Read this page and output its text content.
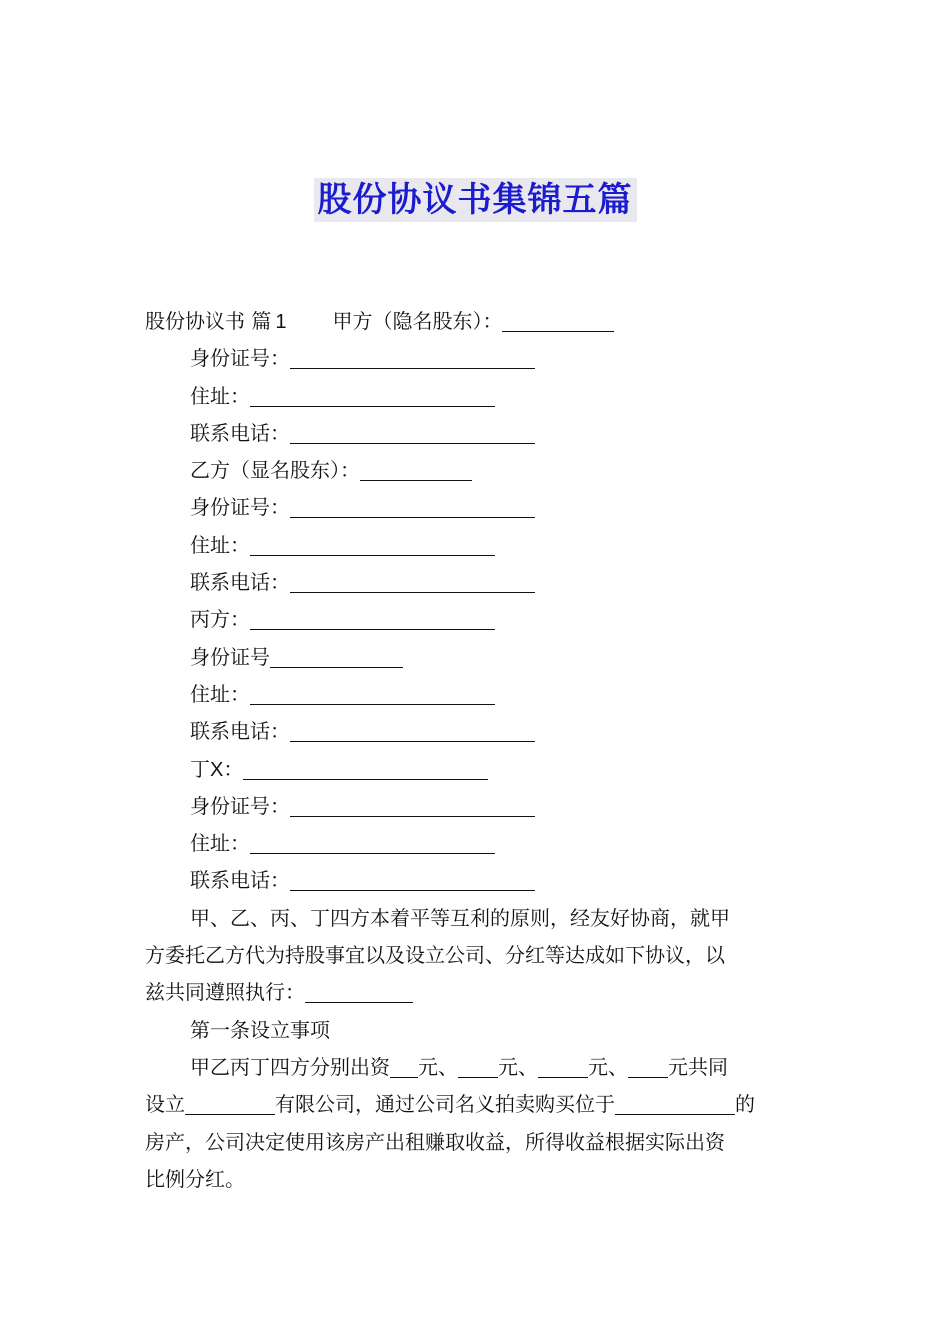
股份协议书集锦五篇
股份协议书 篇 1 甲方（隐名股东）：
身份证号：
住址：
联系电话：
乙方（显名股东）：
身份证号：
住址：
联系电话：
丙方：
身份证号
住址：
联系电话：
丁X：
身份证号：
住址：
联系电话：
甲、乙、丙、丁四方本着平等互利的原则，经友好协商，就甲
方委托乙方代为持股事宜以及设立公司、分红等达成如下协议，以
兹共同遵照执行：
第一条设立事项
甲乙丙丁四方分别出资 元、 元、	元、 元共同
设立	有限公司，通过公司名义拍卖购买位于	的
房产，公司决定使用该房产出租赚取收益，所得收益根据实际出资
比例分红。
